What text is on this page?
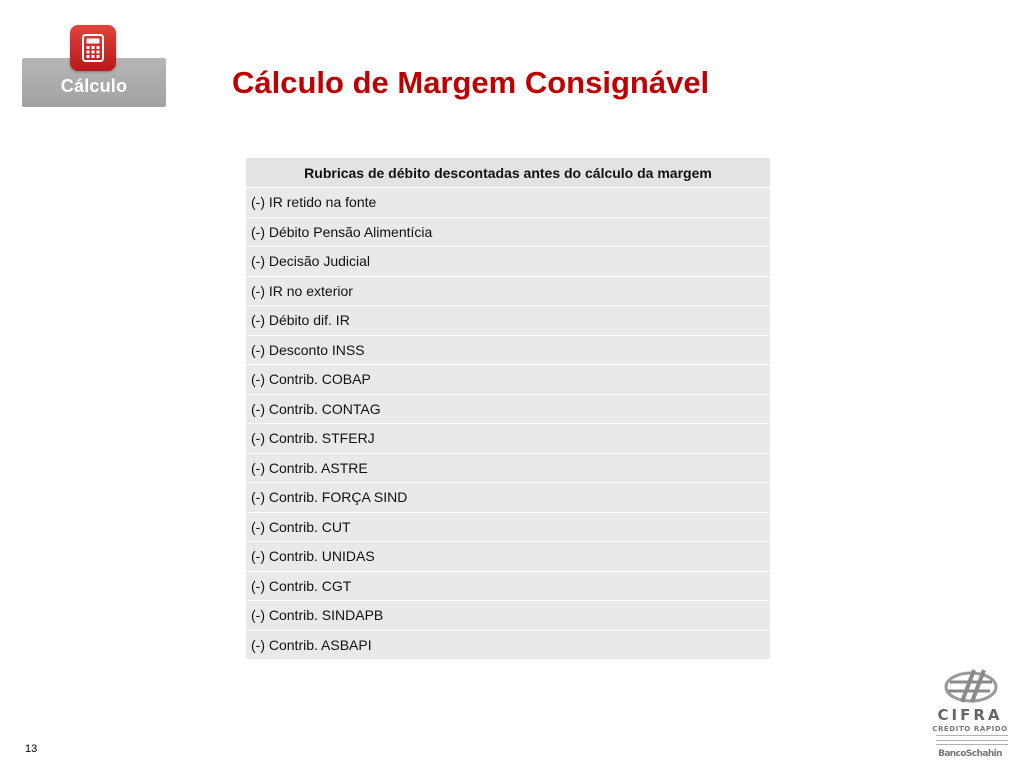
Cálculo	Cálculo de Margem Consignável
Rubricas de débito descontadas antes do cálculo da margem
(-) IR retido na fonte
(-) Débito Pensão Alimentícia
(-) Decisão Judicial
(-) IR no exterior
(-) Débito dif. IR
(-) Desconto INSS
(-) Contrib. COBAP
(-) Contrib. CONTAG
(-) Contrib. STFERJ
(-) Contrib. ASTRE
(-) Contrib. FORÇA SIND
(-) Contrib. CUT
(-) Contrib. UNIDAS
(-) Contrib. CGT
(-) Contrib. SINDAPB
(-) Contrib. ASBAPI
13
CIFRA
CRÉDITO RÁPIDO
BancoSchahin
